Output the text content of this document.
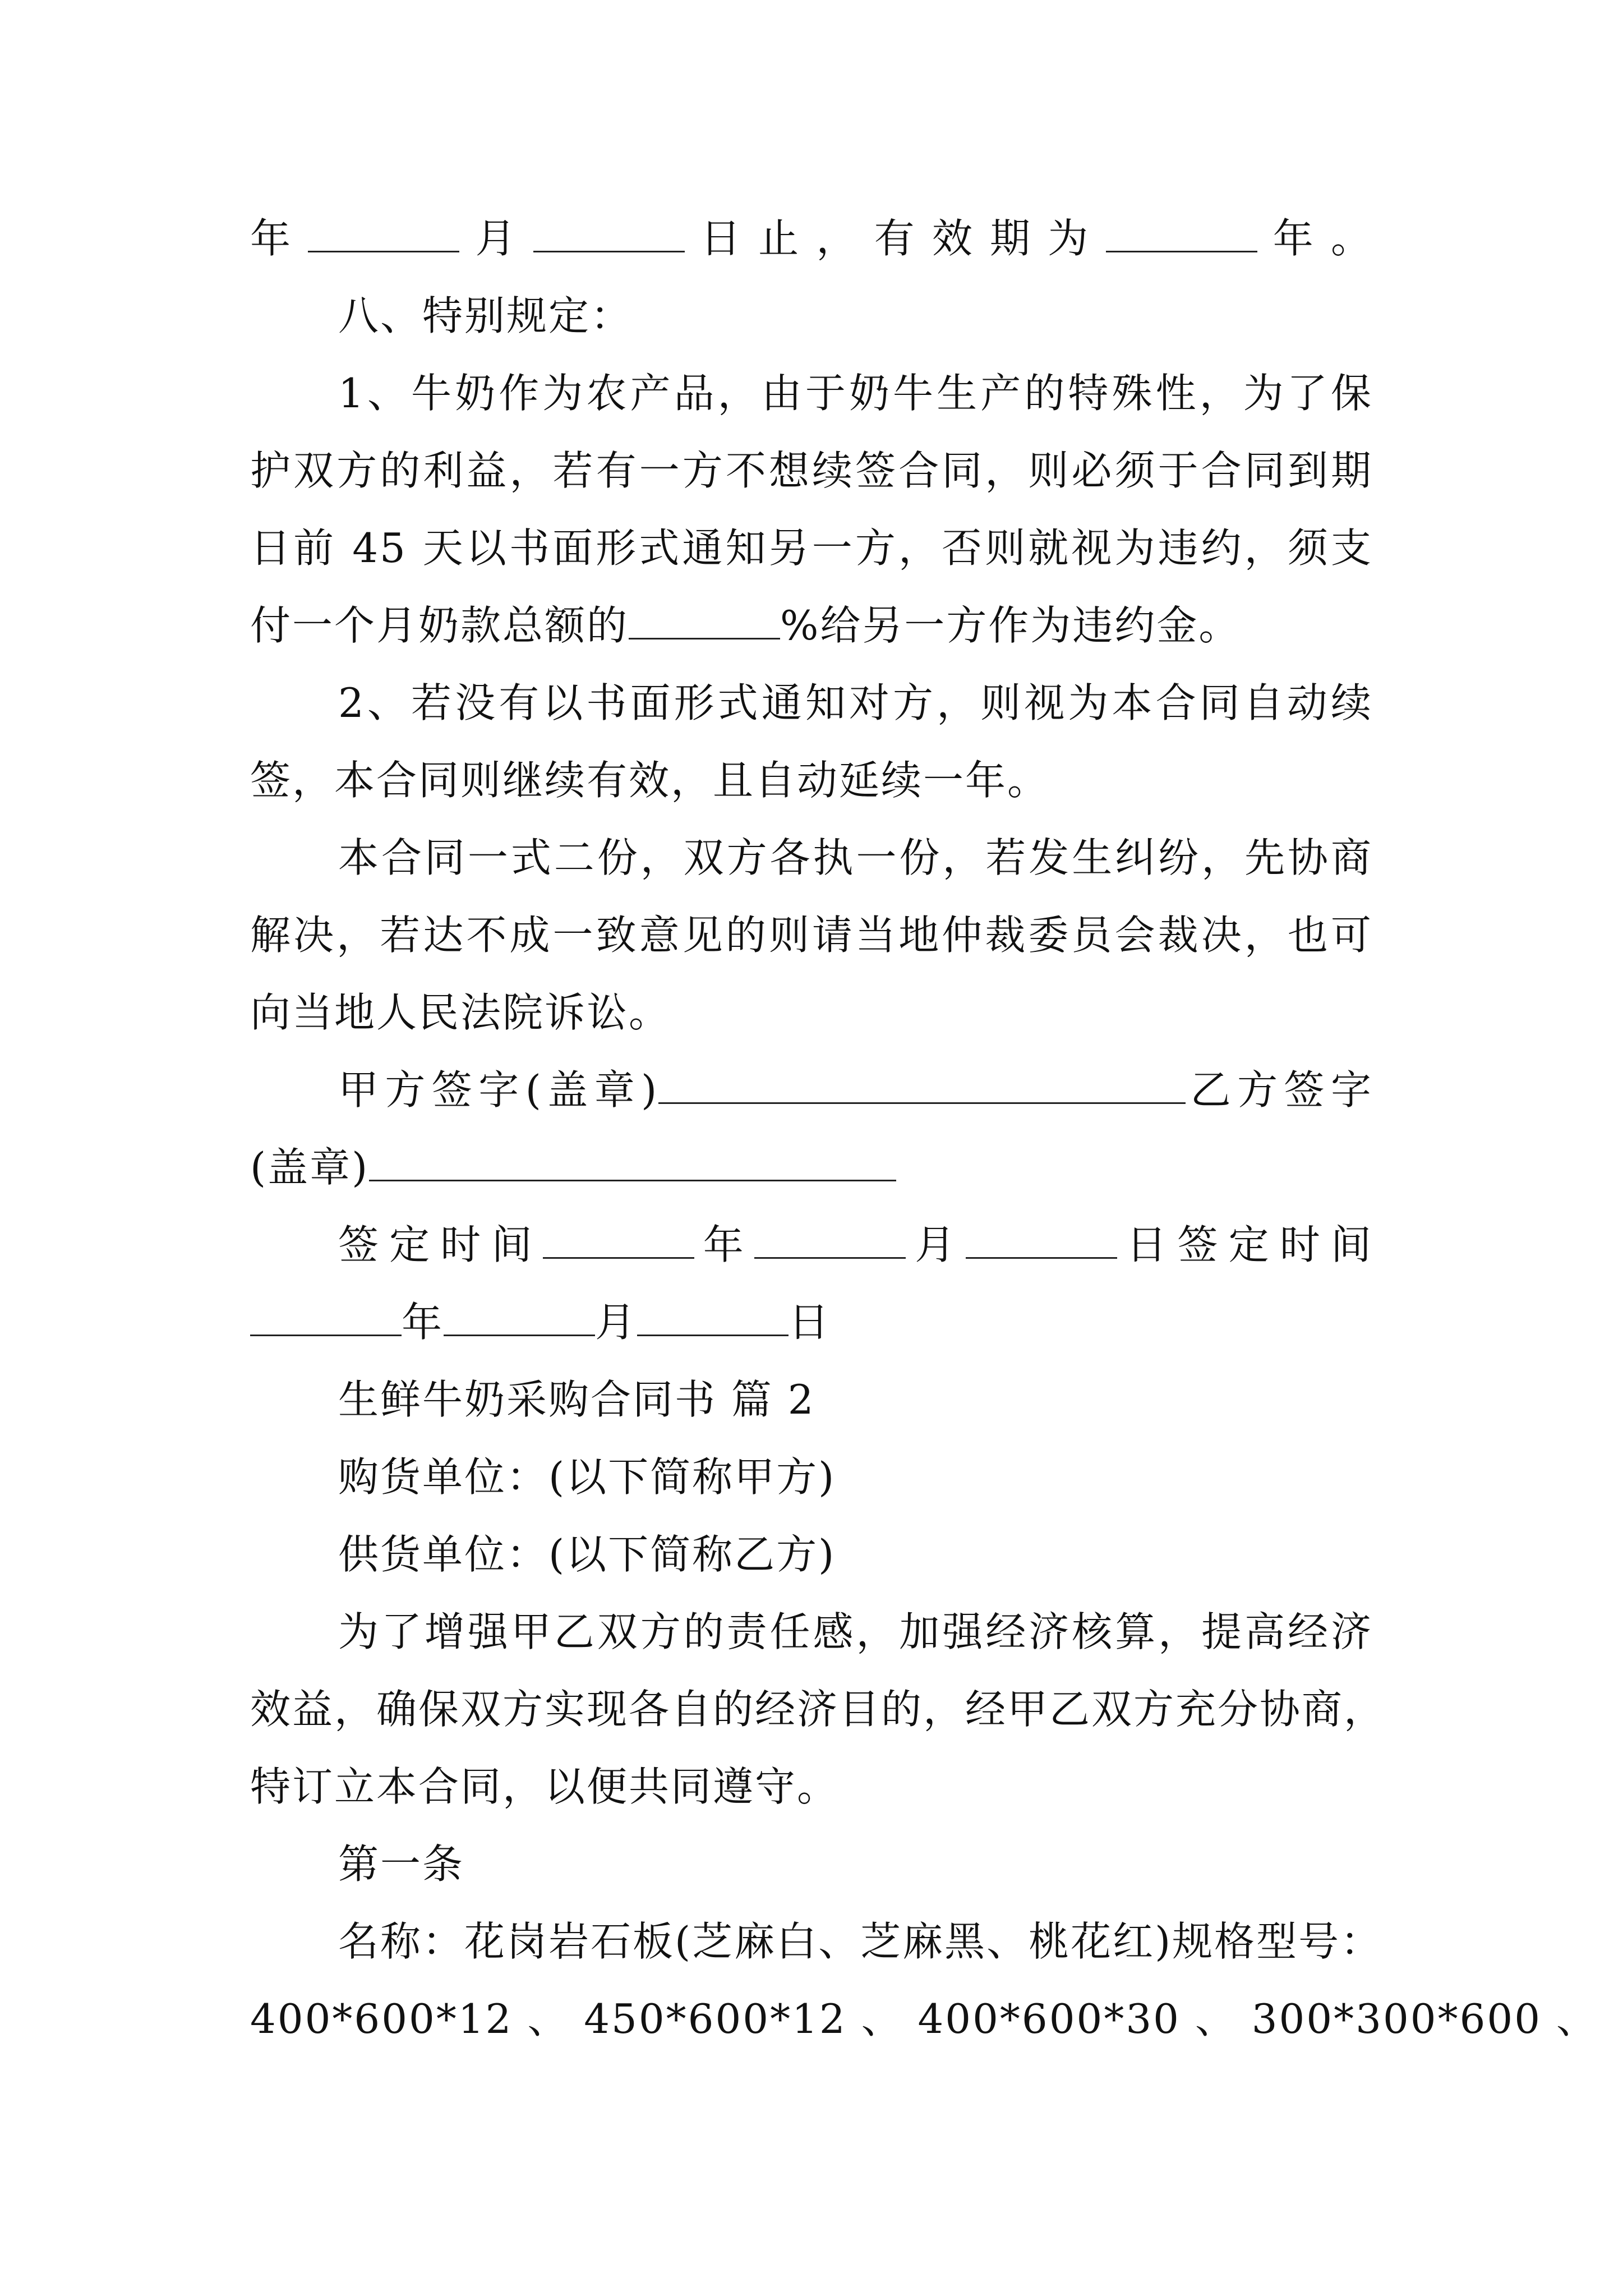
年	月	日止，有效期为	年。
八、特别规定：
1、牛奶作为农产品，由于奶牛生产的特殊性，为了保
护双方的利益，若有一方不想续签合同，则必须于合同到期
日前 45 天以书面形式通知另一方，否则就视为违约，须支
付一个月奶款总额的	%给另一方作为违约金。
2、若没有以书面形式通知对方，则视为本合同自动续
签，本合同则继续有效，且自动延续一年。
本合同一式二份，双方各执一份，若发生纠纷，先协商
解决，若达不成一致意见的则请当地仲裁委员会裁决，也可
向当地人民法院诉讼。
甲方签字(盖章)	乙方签字
(盖章)
签定时间	年	月	日签定时间
年	月	日
生鲜牛奶采购合同书 篇 2
购货单位：(以下简称甲方)
供货单位：(以下简称乙方)
为了增强甲乙双方的责任感，加强经济核算，提高经济
效益，确保双方实现各自的经济目的，经甲乙双方充分协商，
特订立本合同，以便共同遵守。
第一条
名称：花岗岩石板(芝麻白、芝麻黑、桃花红)规格型号：
400*600*12 、 450*600*12 、 400*600*30 、 300*300*600 、
